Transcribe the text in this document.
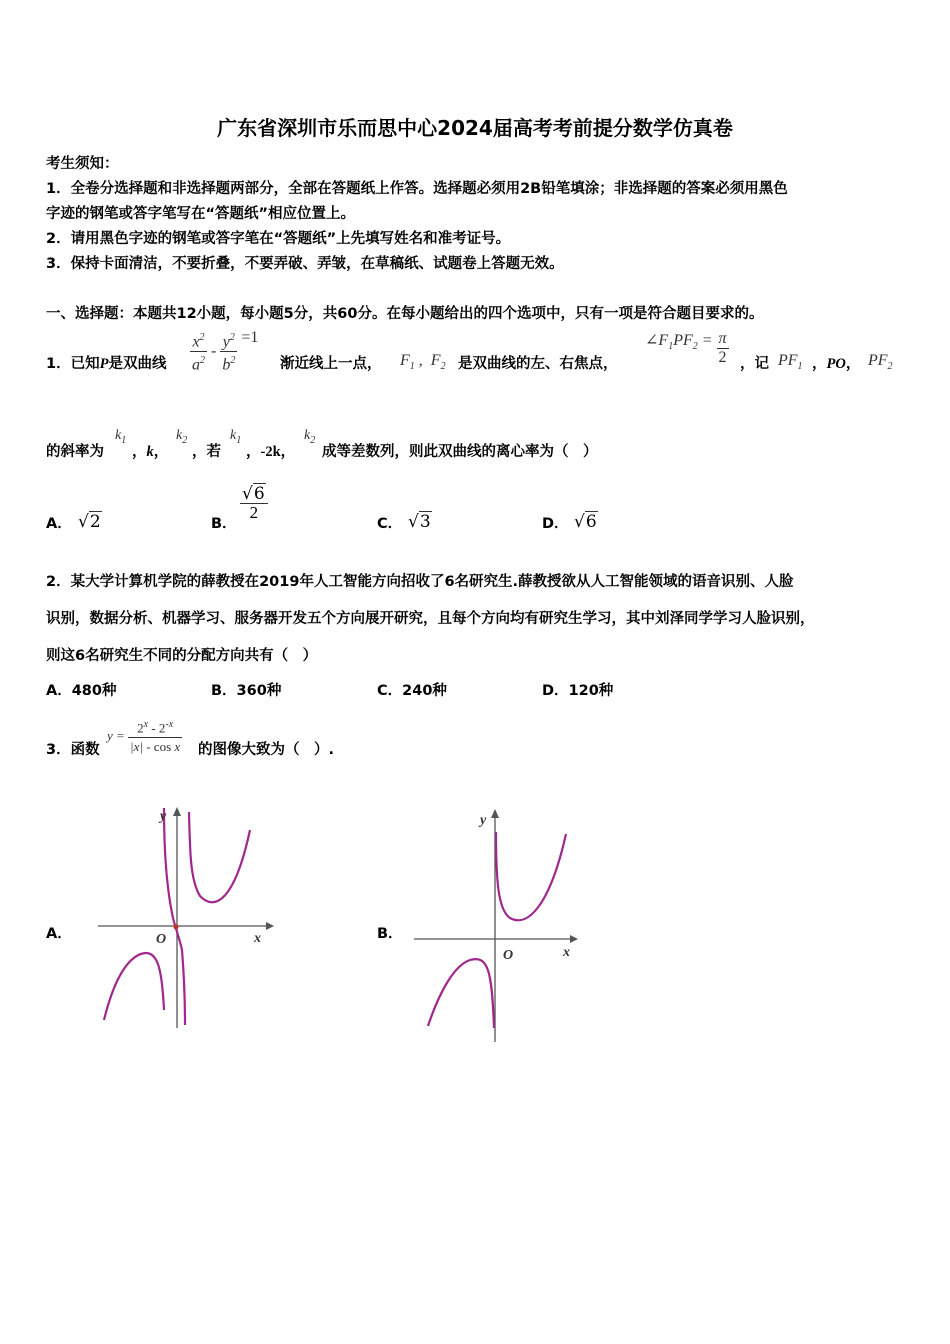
广东省深圳市乐而思中心2024届高考考前提分数学仿真卷
考生须知：
1．全卷分选择题和非选择题两部分，全部在答题纸上作答。选择题必须用2B铅笔填涂；非选择题的答案必须用黑色
字迹的钢笔或答字笔写在“答题纸”相应位置上。
2．请用黑色字迹的钢笔或答字笔在“答题纸”上先填写姓名和准考证号。
3．保持卡面清洁，不要折叠，不要弄破、弄皱，在草稿纸、试题卷上答题无效。
一、选择题：本题共12小题，每小题5分，共60分。在每小题给出的四个选项中，只有一项是符合题目要求的。
1．已知P是双曲线 $\frac{x^2}{a^2} - \frac{y^2}{b^2} =1$
渐近线上一点， $F_1$ ,  $F_2$ 是双曲线的左、右焦点，
$\angle F_1PF_2 = \frac{\pi}{2}$ ，记 $PF_1$ ，PO， $PF_2$
的斜率为
$k_1$
，k，
$k_2$
，若
$k_1$
，-2k，
$k_2$
成等差数列，则此双曲线的离心率为（　）
A． √2	B．
$\frac{√6}{2}$
C． √3	D． √6
2．某大学计算机学院的薛教授在2019年人工智能方向招收了6名研究生.薛教授欲从人工智能领域的语音识别、人脸
识别，数据分析、机器学习、服务器开发五个方向展开研究，且每个方向均有研究生学习，其中刘泽同学学习人脸识别，
则这6名研究生不同的分配方向共有（　）
A．480种	B．360种	C．240种	D．120种
3．函数
$y = \frac{2^x - 2^{-x}}{\text{|x| - cos x}}$ 的图像大致为（　）.
A．	B．
O	x
y
O	x
y
